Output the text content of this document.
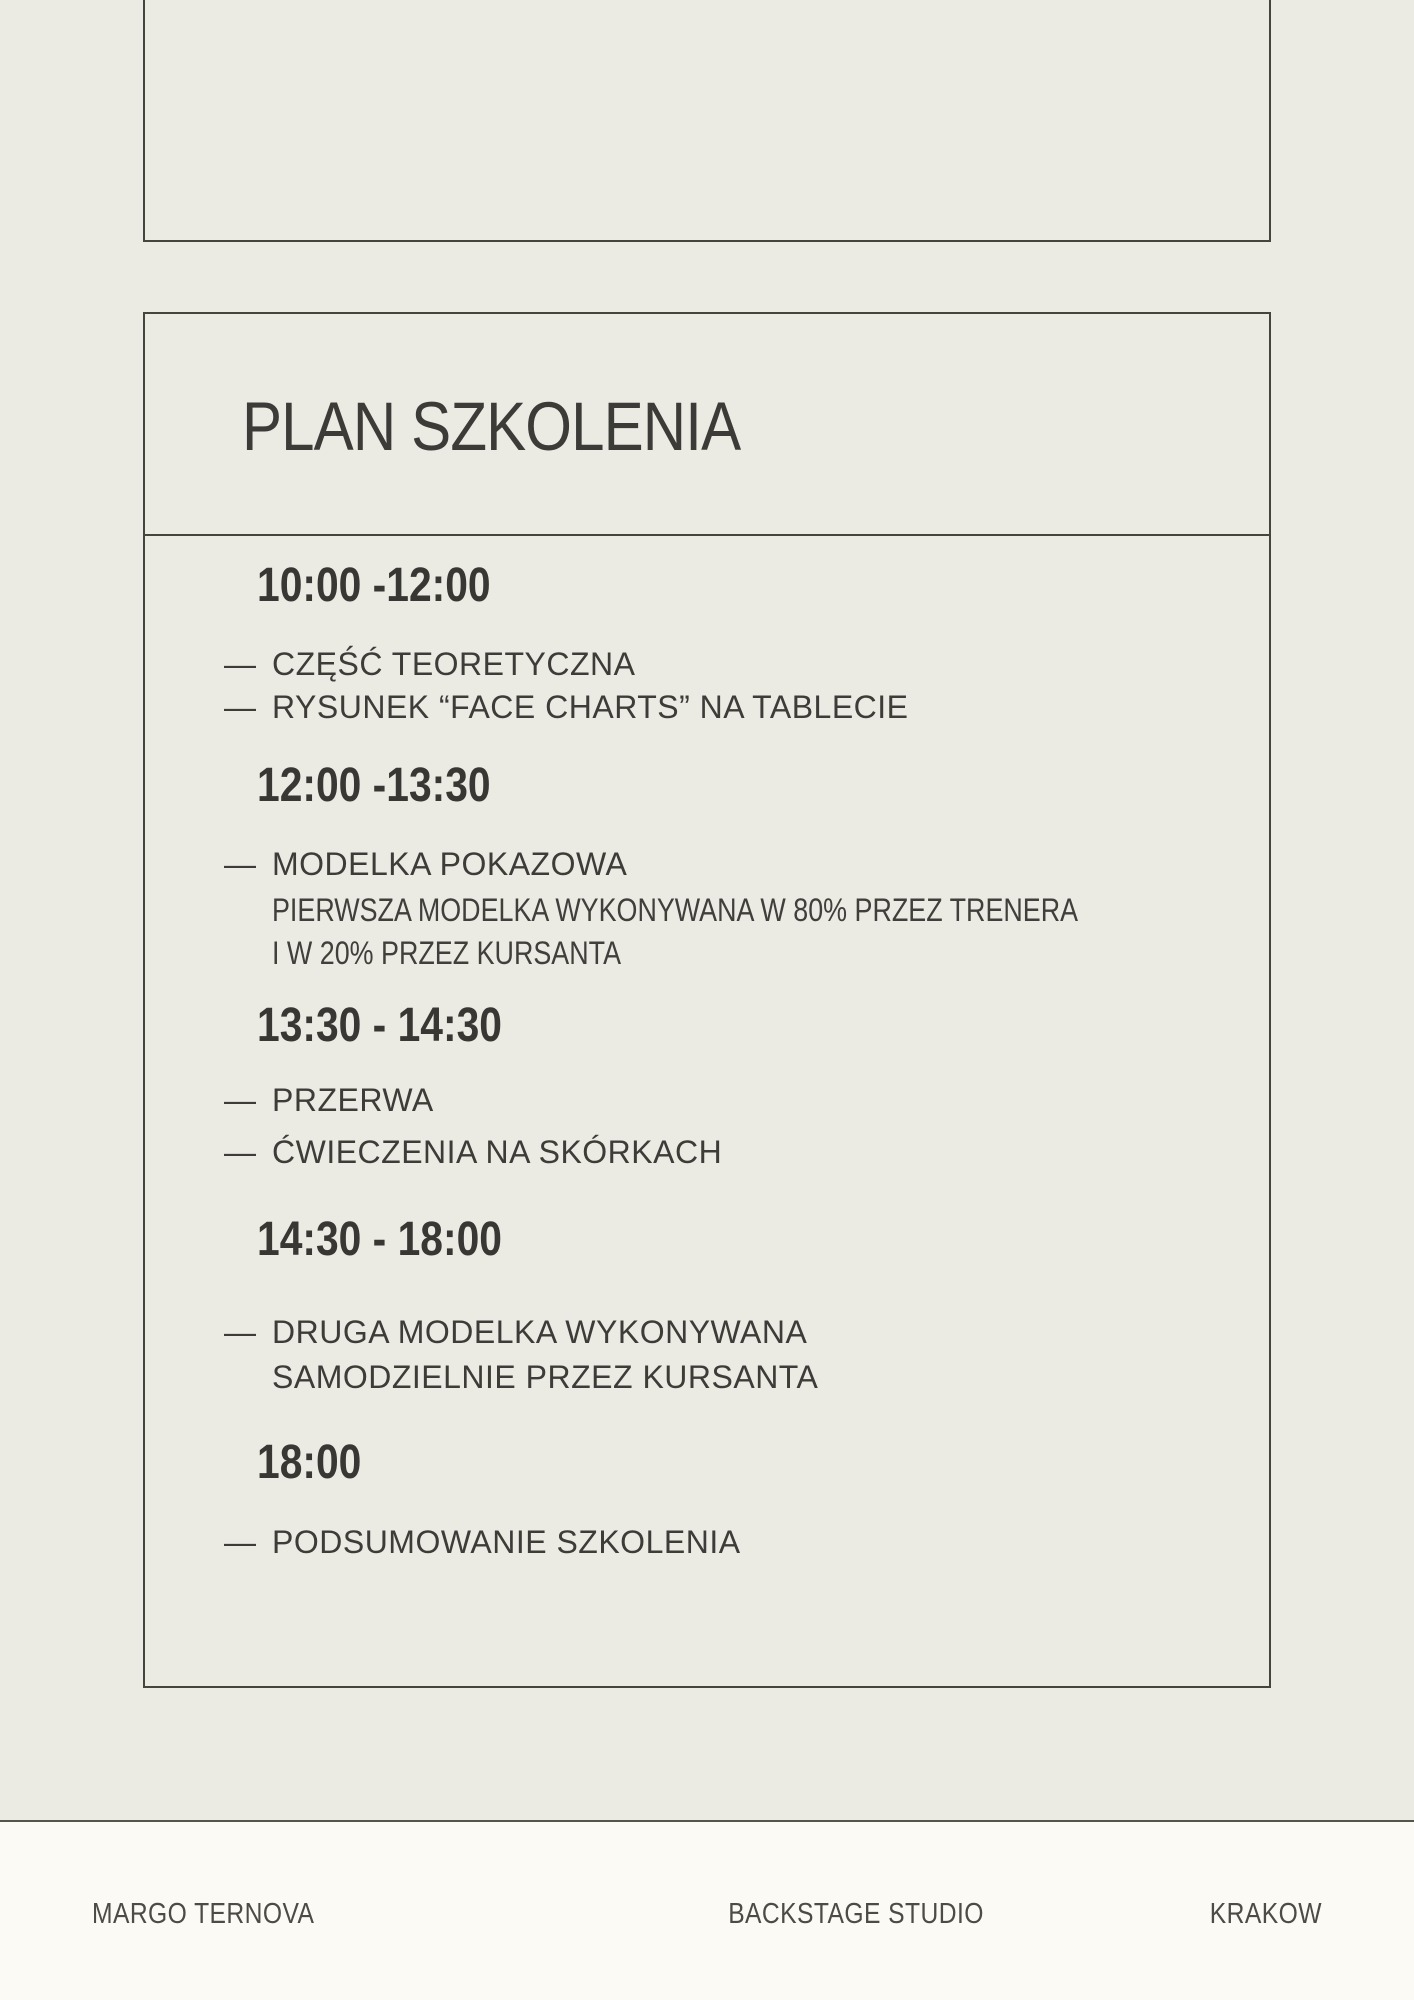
PLAN SZKOLENIA
10:00 -12:00
— CZĘŚĆ TEORETYCZNA
— RYSUNEK “FACE CHARTS” NA TABLECIE
12:00 -13:30
— MODELKA POKAZOWA
PIERWSZA MODELKA WYKONYWANA W 80% PRZEZ TRENERA
I W 20% PRZEZ KURSANTA
13:30 - 14:30
— PRZERWA
— ĆWIECZENIA NA SKÓRKACH
14:30 - 18:00
— DRUGA MODELKA WYKONYWANA
SAMODZIELNIE PRZEZ KURSANTA
18:00
— PODSUMOWANIE SZKOLENIA
MARGO TERNOVA	BACKSTAGE STUDIO	KRAKOW
